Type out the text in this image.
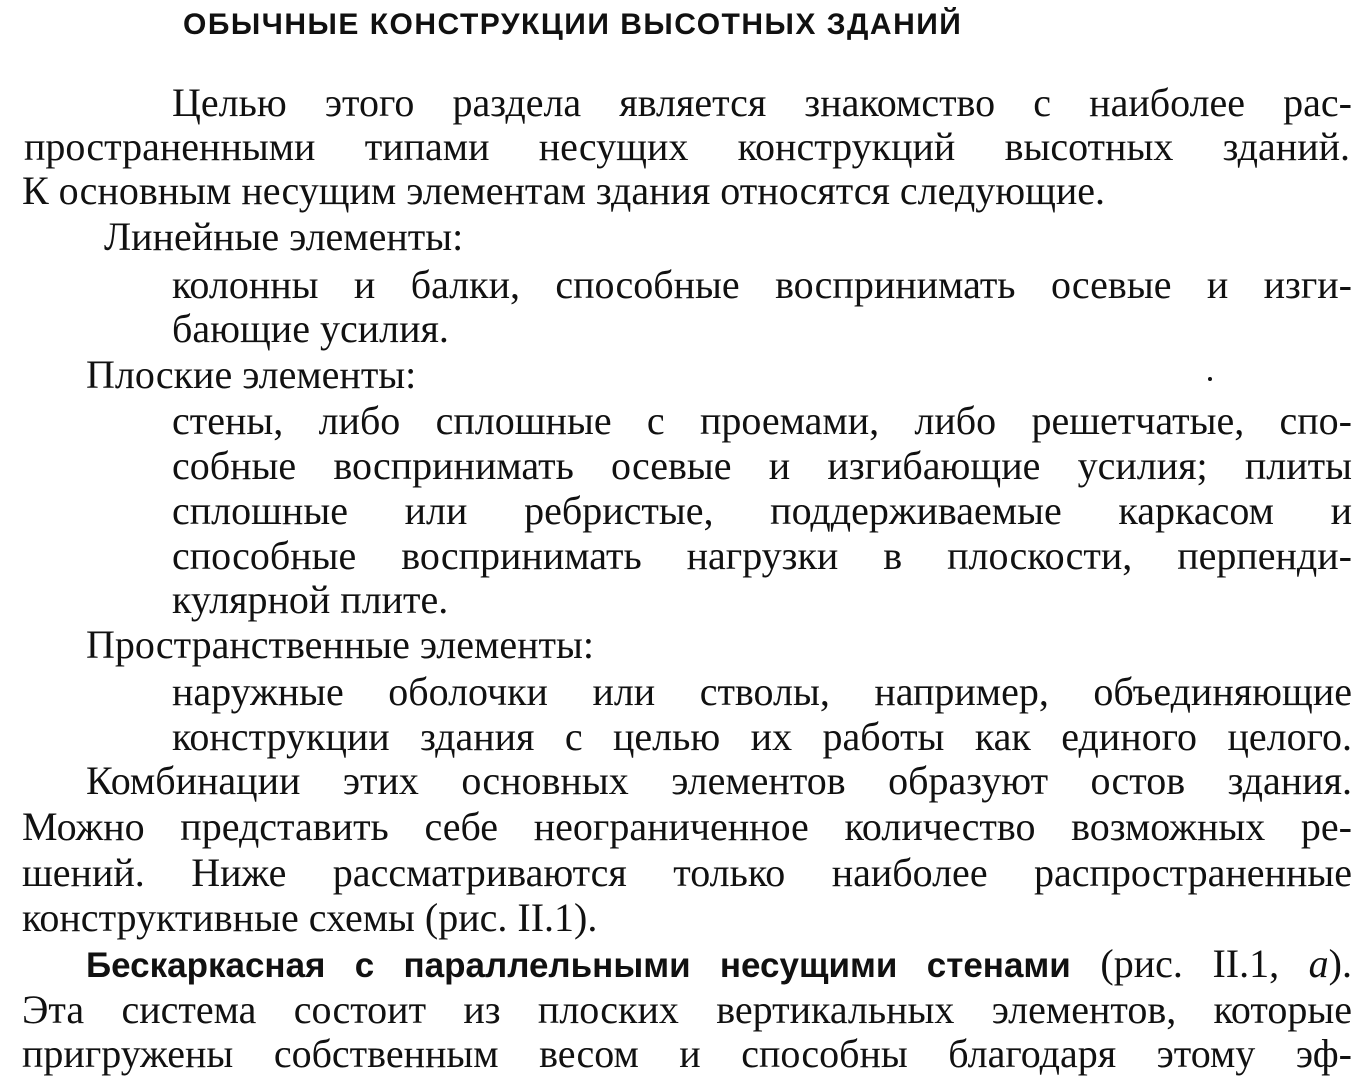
ОБЫЧНЫЕ КОНСТРУКЦИИ ВЫСОТНЫХ ЗДАНИЙ
Целью этого раздела является знакомство с наиболее рас-
пространенными типами несущих конструкций высотных зданий.
К основным несущим элементам здания относятся следующие.
Линейные элементы:
колонны и балки, способные воспринимать осевые и изги-
бающие усилия.
Плоские элементы:
стены, либо сплошные с проемами, либо решетчатые, спо-
собные воспринимать осевые и изгибающие усилия; плиты
сплошные или ребристые, поддерживаемые каркасом и
способные воспринимать нагрузки в плоскости, перпенди-
кулярной плите.
Пространственные элементы:
наружные оболочки или стволы, например, объединяющие
конструкции здания с целью их работы как единого целого.
Комбинации этих основных элементов образуют остов здания.
Можно представить себе неограниченное количество возможных ре-
шений. Ниже рассматриваются только наиболее распространенные
конструктивные схемы (рис. II.1).
Бескаркасная с параллельными несущими стенами (рис. II.1, а).
Эта система состоит из плоских вертикальных элементов, которые
пригружены собственным весом и способны благодаря этому эф-
